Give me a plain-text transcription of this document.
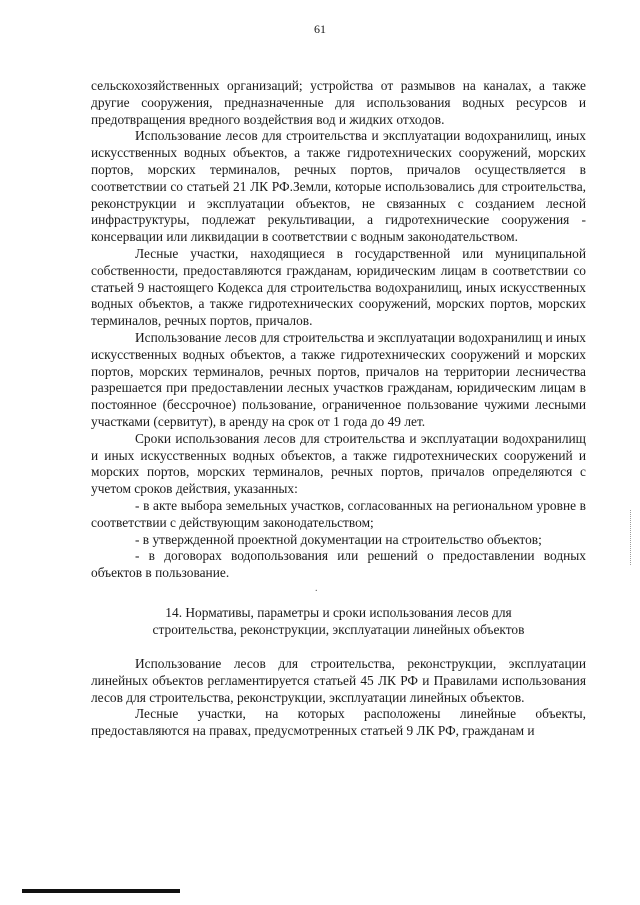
61

сельскохозяйственных организаций; устройства от размывов на каналах, а также другие сооружения, предназначенные для использования водных ресурсов и предотвращения вредного воздействия вод и жидких отходов.

Использование лесов для строительства и эксплуатации водохранилищ, иных искусственных водных объектов, а также гидротехнических сооружений, морских портов, морских терминалов, речных портов, причалов осуществляется в соответствии со статьей 21 ЛК РФ.Земли, которые использовались для строительства, реконструкции и эксплуатации объектов, не связанных с созданием лесной инфраструктуры, подлежат рекультивации, а гидротехнические сооружения - консервации или ликвидации в соответствии с водным законодательством.

Лесные участки, находящиеся в государственной или муниципальной собственности, предоставляются гражданам, юридическим лицам в соответствии со статьей 9 настоящего Кодекса для строительства водохранилищ, иных искусственных водных объектов, а также гидротехнических сооружений, морских портов, морских терминалов, речных портов, причалов.

Использование лесов для строительства и эксплуатации водохранилищ и иных искусственных водных объектов, а также гидротехнических сооружений и морских портов, морских терминалов, речных портов, причалов на территории лесничества разрешается при предоставлении лесных участков гражданам, юридическим лицам в постоянное (бессрочное) пользование, ограниченное пользование чужими лесными участками (сервитут), в аренду на срок от 1 года до 49 лет.

Сроки использования лесов для строительства и эксплуатации водохранилищ и иных искусственных водных объектов, а также гидротехнических сооружений и морских портов, морских терминалов, речных портов, причалов определяются с учетом сроков действия, указанных:

- в акте выбора земельных участков, согласованных на региональном уровне в соответствии с действующим законодательством;

- в утвержденной проектной документации на строительство объектов;

- в договорах водопользования или решений о предоставлении водных объектов в пользование.

.
14. Нормативы, параметры и сроки использования лесов для
строительства, реконструкции, эксплуатации линейных объектов

Использование лесов для строительства, реконструкции, эксплуатации линейных объектов регламентируется статьей 45 ЛК РФ и Правилами использования лесов для строительства, реконструкции, эксплуатации линейных объектов.

Лесные участки, на которых расположены линейные объекты, предоставляются на правах, предусмотренных статьей 9 ЛК РФ, гражданам и
